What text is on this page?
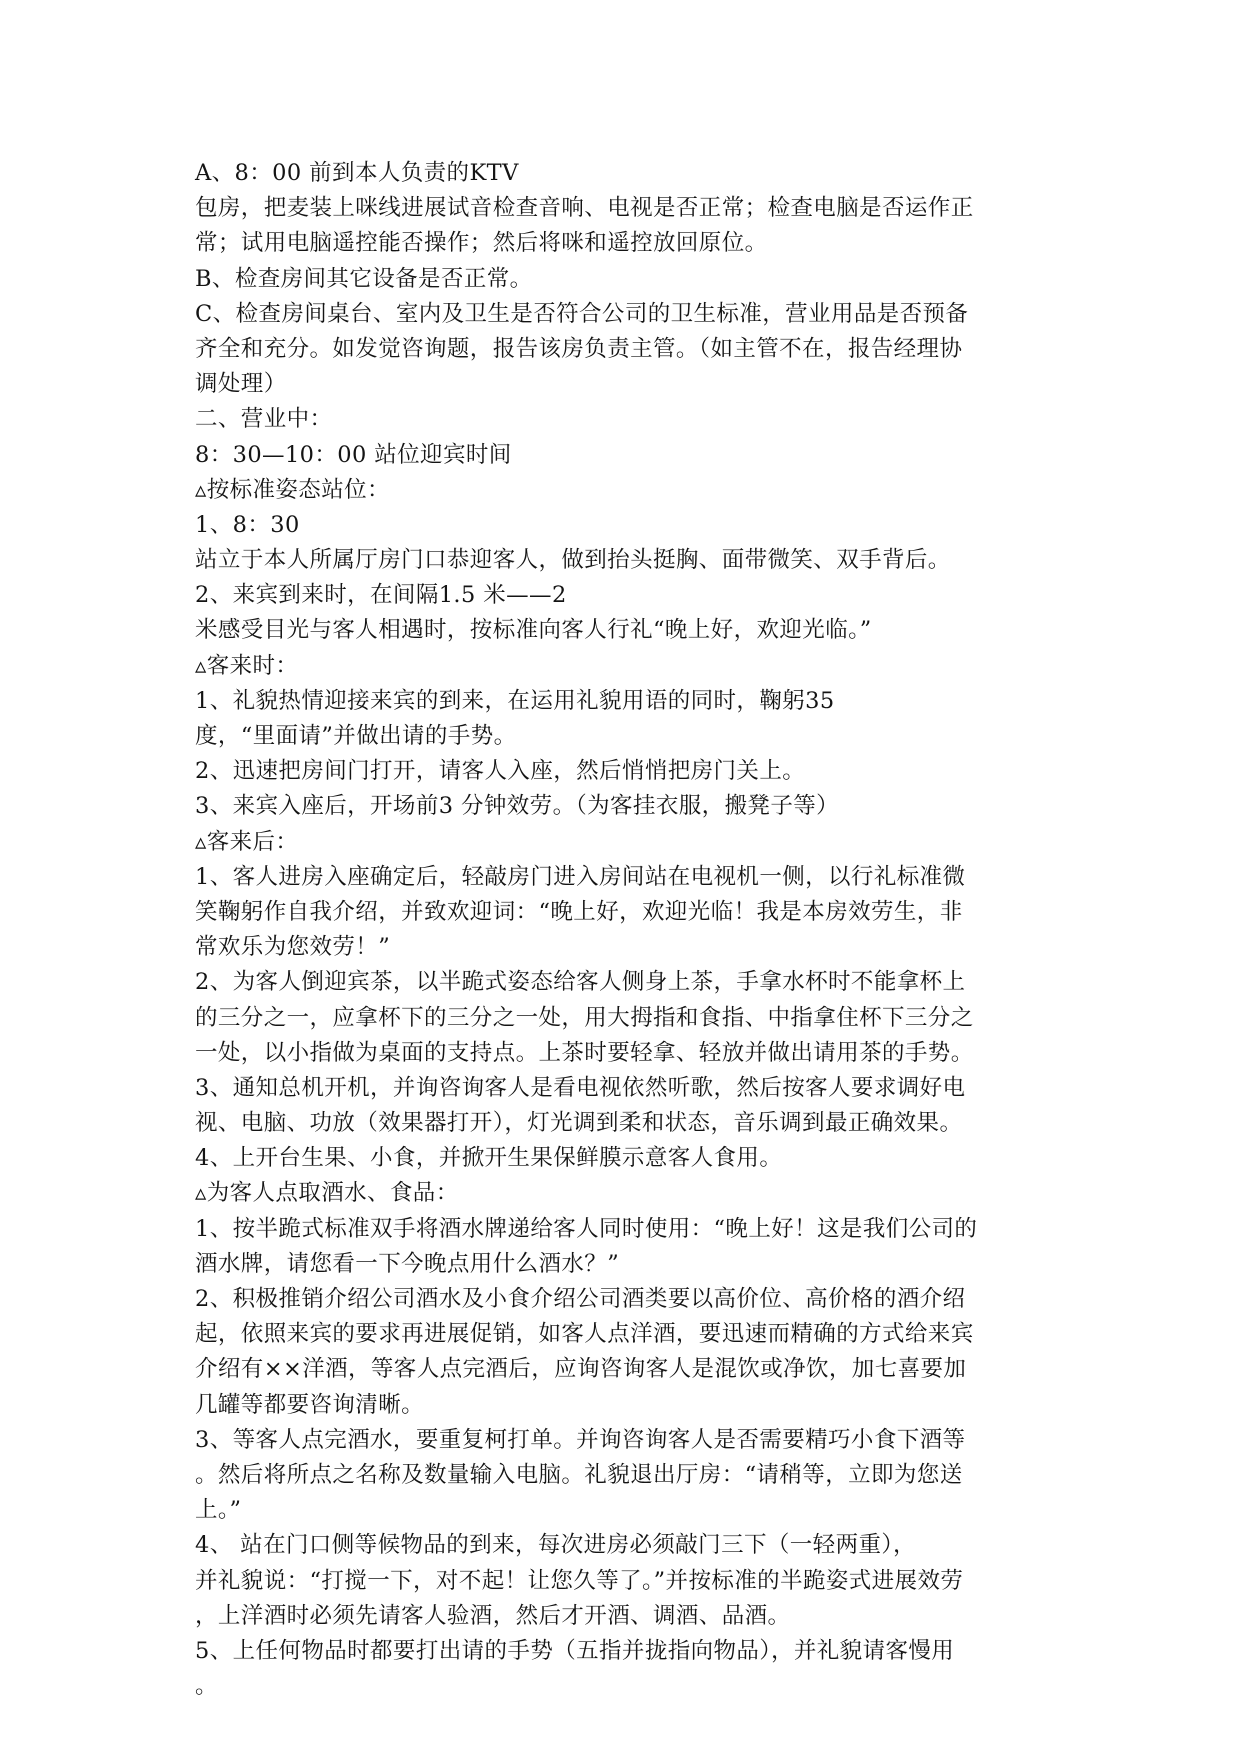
A、8：00 前到本人负责的KTV
包房，把麦装上咪线进展试音检查音响、电视是否正常；检查电脑是否运作正
常；试用电脑遥控能否操作；然后将咪和遥控放回原位。
B、检查房间其它设备是否正常。
C、检查房间桌台、室内及卫生是否符合公司的卫生标准，营业用品是否预备
齐全和充分。如发觉咨询题，报告该房负责主管。（如主管不在，报告经理协
调处理）
二、营业中：
8：30—10：00 站位迎宾时间
▵按标准姿态站位：
1、8：30
站立于本人所属厅房门口恭迎客人，做到抬头挺胸、面带微笑、双手背后。
2、来宾到来时，在间隔1.5 米——2
米感受目光与客人相遇时，按标准向客人行礼“晚上好，欢迎光临。”
▵客来时：
1、礼貌热情迎接来宾的到来，在运用礼貌用语的同时，鞠躬35
度，“里面请”并做出请的手势。
2、迅速把房间门打开，请客人入座，然后悄悄把房门关上。
3、来宾入座后，开场前3 分钟效劳。（为客挂衣服，搬凳子等）
▵客来后：
1、客人进房入座确定后，轻敲房门进入房间站在电视机一侧，以行礼标准微
笑鞠躬作自我介绍，并致欢迎词：“晚上好，欢迎光临！我是本房效劳生，非
常欢乐为您效劳！”
2、为客人倒迎宾茶，以半跪式姿态给客人侧身上茶，手拿水杯时不能拿杯上
的三分之一，应拿杯下的三分之一处，用大拇指和食指、中指拿住杯下三分之
一处，以小指做为桌面的支持点。上茶时要轻拿、轻放并做出请用茶的手势。
3、通知总机开机，并询咨询客人是看电视依然听歌，然后按客人要求调好电
视、电脑、功放（效果器打开），灯光调到柔和状态，音乐调到最正确效果。
4、上开台生果、小食，并掀开生果保鲜膜示意客人食用。
▵为客人点取酒水、食品：
1、按半跪式标准双手将酒水牌递给客人同时使用：“晚上好！这是我们公司的
酒水牌，请您看一下今晚点用什么酒水？”
2、积极推销介绍公司酒水及小食介绍公司酒类要以高价位、高价格的酒介绍
起，依照来宾的要求再进展促销，如客人点洋酒，要迅速而精确的方式给来宾
介绍有××洋酒，等客人点完酒后，应询咨询客人是混饮或净饮，加七喜要加
几罐等都要咨询清晰。
3、等客人点完酒水，要重复柯打单。并询咨询客人是否需要精巧小食下酒等
。然后将所点之名称及数量输入电脑。礼貌退出厅房：“请稍等，立即为您送
上。”
4、 站在门口侧等候物品的到来，每次进房必须敲门三下（一轻两重），
并礼貌说：“打搅一下，对不起！让您久等了。”并按标准的半跪姿式进展效劳
，上洋酒时必须先请客人验酒，然后才开酒、调酒、品酒。
5、上任何物品时都要打出请的手势（五指并拢指向物品），并礼貌请客慢用
。
